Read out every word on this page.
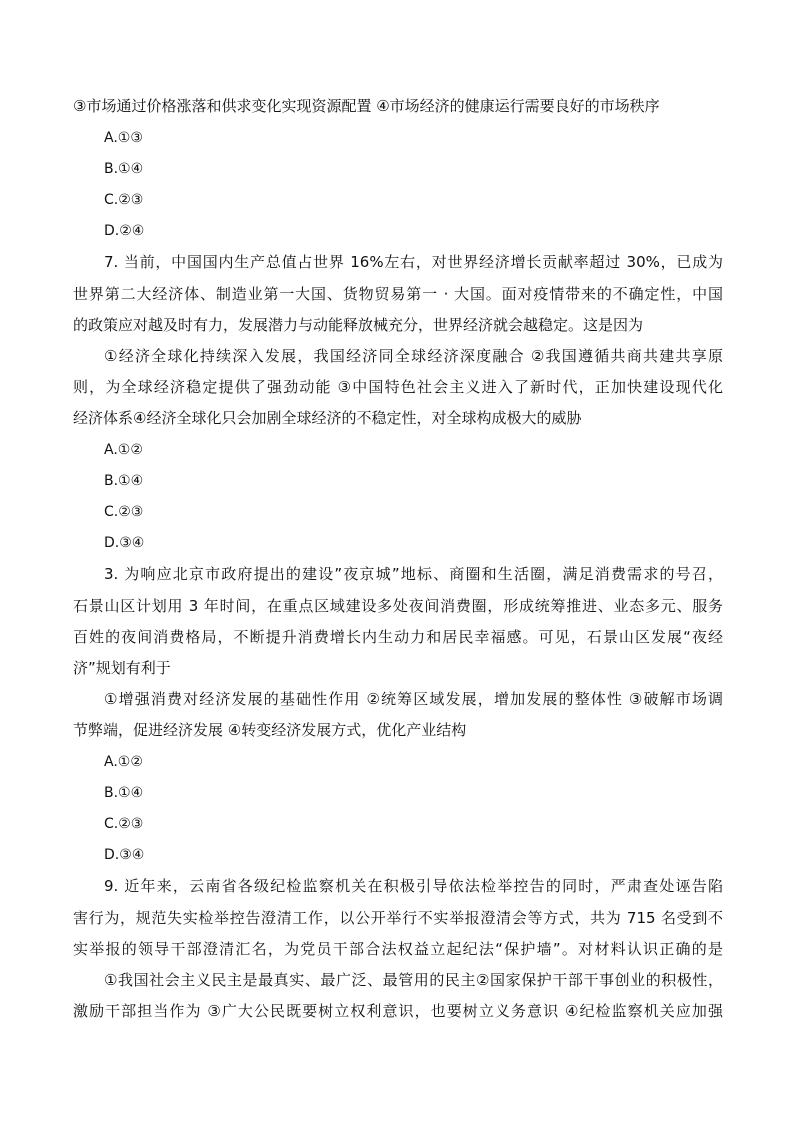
③市场通过价格涨落和供求变化实现资源配置 ④市场经济的健康运行需要良好的市场秩序
A.①③
B.①④
C.②③
D.②④
7. 当前，中国国内生产总值占世界 16%左右，对世界经济增长贡献率超过 30%，已成为
世界第二大经济体、制造业第一大国、货物贸易第一 · 大国。面对疫情带来的不确定性，中国
的政策应对越及时有力，发展潜力与动能释放械充分，世界经济就会越稳定。这是因为
①经济全球化持续深入发展，我国经济同全球经济深度融合 ②我国遵循共商共建共享原
则，为全球经济稳定提供了强劲动能 ③中国特色社会主义进入了新时代，正加快建设现代化
经济体系④经济全球化只会加剧全球经济的不稳定性，对全球构成极大的威胁
A.①②
B.①④
C.②③
D.③④
3. 为响应北京市政府提出的建设”夜京城”地标、商圈和生活圈，满足消费需求的号召，
石景山区计划用 3 年时间，在重点区域建设多处夜间消费圈，形成统筹推进、业态多元、服务
百姓的夜间消费格局，不断提升消费增长内生动力和居民幸福感。可见，石景山区发展“夜经
济”规划有利于
①增强消费对经济发展的基础性作用 ②统筹区域发展，增加发展的整体性 ③破解市场调
节弊端，促进经济发展 ④转变经济发展方式，优化产业结构
A.①②
B.①④
C.②③
D.③④
9. 近年来，云南省各级纪检监察机关在积极引导依法检举控告的同时，严肃查处诬告陷
害行为，规范失实检举控告澄清工作，以公开举行不实举报澄清会等方式，共为 715 名受到不
实举报的领导干部澄清汇名，为党员干部合法权益立起纪法“保护墙”。对材料认识正确的是
①我国社会主义民主是最真实、最广泛、最管用的民主②国家保护干部干事创业的积极性，
激励干部担当作为 ③广大公民既要树立权利意识，也要树立义务意识 ④纪检监察机关应加强
